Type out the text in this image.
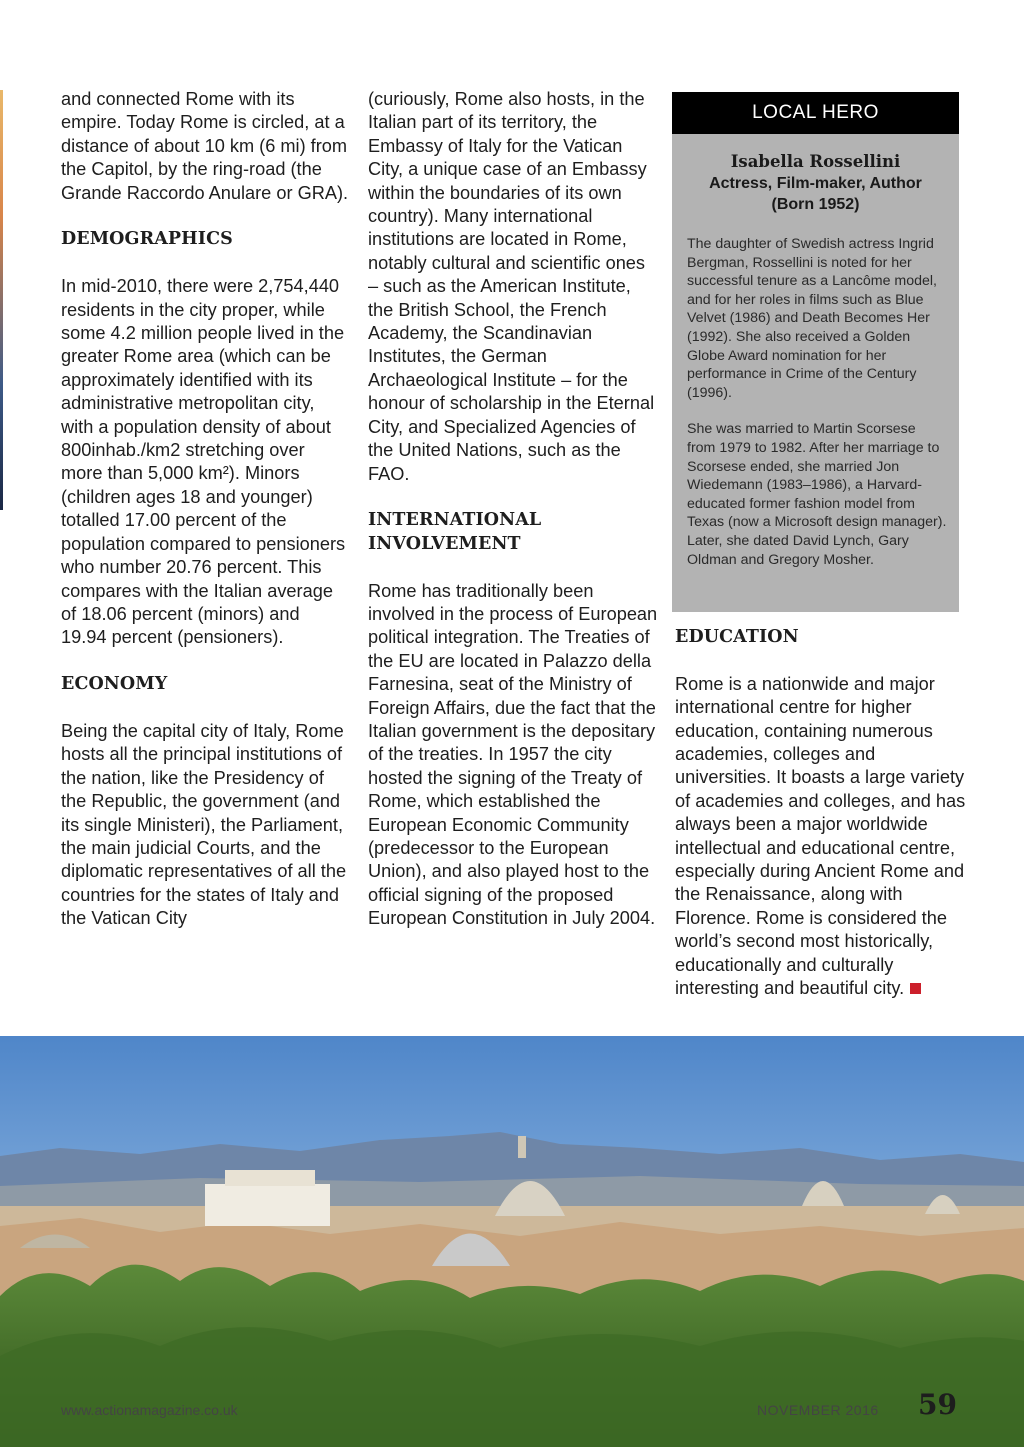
and connected Rome with its empire. Today Rome is circled, at a distance of about 10 km (6 mi) from the Capitol, by the ring-road (the Grande Raccordo Anulare or GRA).

DEMOGRAPHICS

In mid-2010, there were 2,754,440 residents in the city proper, while some 4.2 million people lived in the greater Rome area (which can be approximately identified with its administrative metropolitan city, with a population density of about 800inhab./km2 stretching over more than 5,000 km²). Minors (children ages 18 and younger) totalled 17.00 percent of the population compared to pensioners who number 20.76 percent. This compares with the Italian average of 18.06 percent (minors) and 19.94 percent (pensioners).

ECONOMY

Being the capital city of Italy, Rome hosts all the principal institutions of the nation, like the Presidency of the Republic, the government (and its single Ministeri), the Parliament, the main judicial Courts, and the diplomatic representatives of all the countries for the states of Italy and the Vatican City

(curiously, Rome also hosts, in the Italian part of its territory, the Embassy of Italy for the Vatican City, a unique case of an Embassy within the boundaries of its own country). Many international institutions are located in Rome, notably cultural and scientific ones – such as the American Institute, the British School, the French Academy, the Scandinavian Institutes, the German Archaeological Institute – for the honour of scholarship in the Eternal City, and Specialized Agencies of the United Nations, such as the FAO.

INTERNATIONAL INVOLVEMENT

Rome has traditionally been involved in the process of European political integration. The Treaties of the EU are located in Palazzo della Farnesina, seat of the Ministry of Foreign Affairs, due the fact that the Italian government is the depositary of the treaties. In 1957 the city hosted the signing of the Treaty of Rome, which established the European Economic Community (predecessor to the European Union), and also played host to the official signing of the proposed European Constitution in July 2004.

LOCAL HERO
Isabella Rossellini
Actress, Film-maker, Author
(Born 1952)
The daughter of Swedish actress Ingrid Bergman, Rossellini is noted for her successful tenure as a Lancôme model, and for her roles in films such as Blue Velvet (1986) and Death Becomes Her (1992). She also received a Golden Globe Award nomination for her performance in Crime of the Century (1996).
She was married to Martin Scorsese from 1979 to 1982. After her marriage to Scorsese ended, she married Jon Wiedemann (1983–1986), a Harvard-educated former fashion model from Texas (now a Microsoft design manager). Later, she dated David Lynch, Gary Oldman and Gregory Mosher.
EDUCATION

Rome is a nationwide and major international centre for higher education, containing numerous academies, colleges and universities. It boasts a large variety of academies and colleges, and has always been a major worldwide intellectual and educational centre, especially during Ancient Rome and the Renaissance, along with Florence. Rome is considered the world’s second most historically, educationally and culturally interesting and beautiful city.

www.actionamagazine.co.uk	NOVEMBER 2016 59
